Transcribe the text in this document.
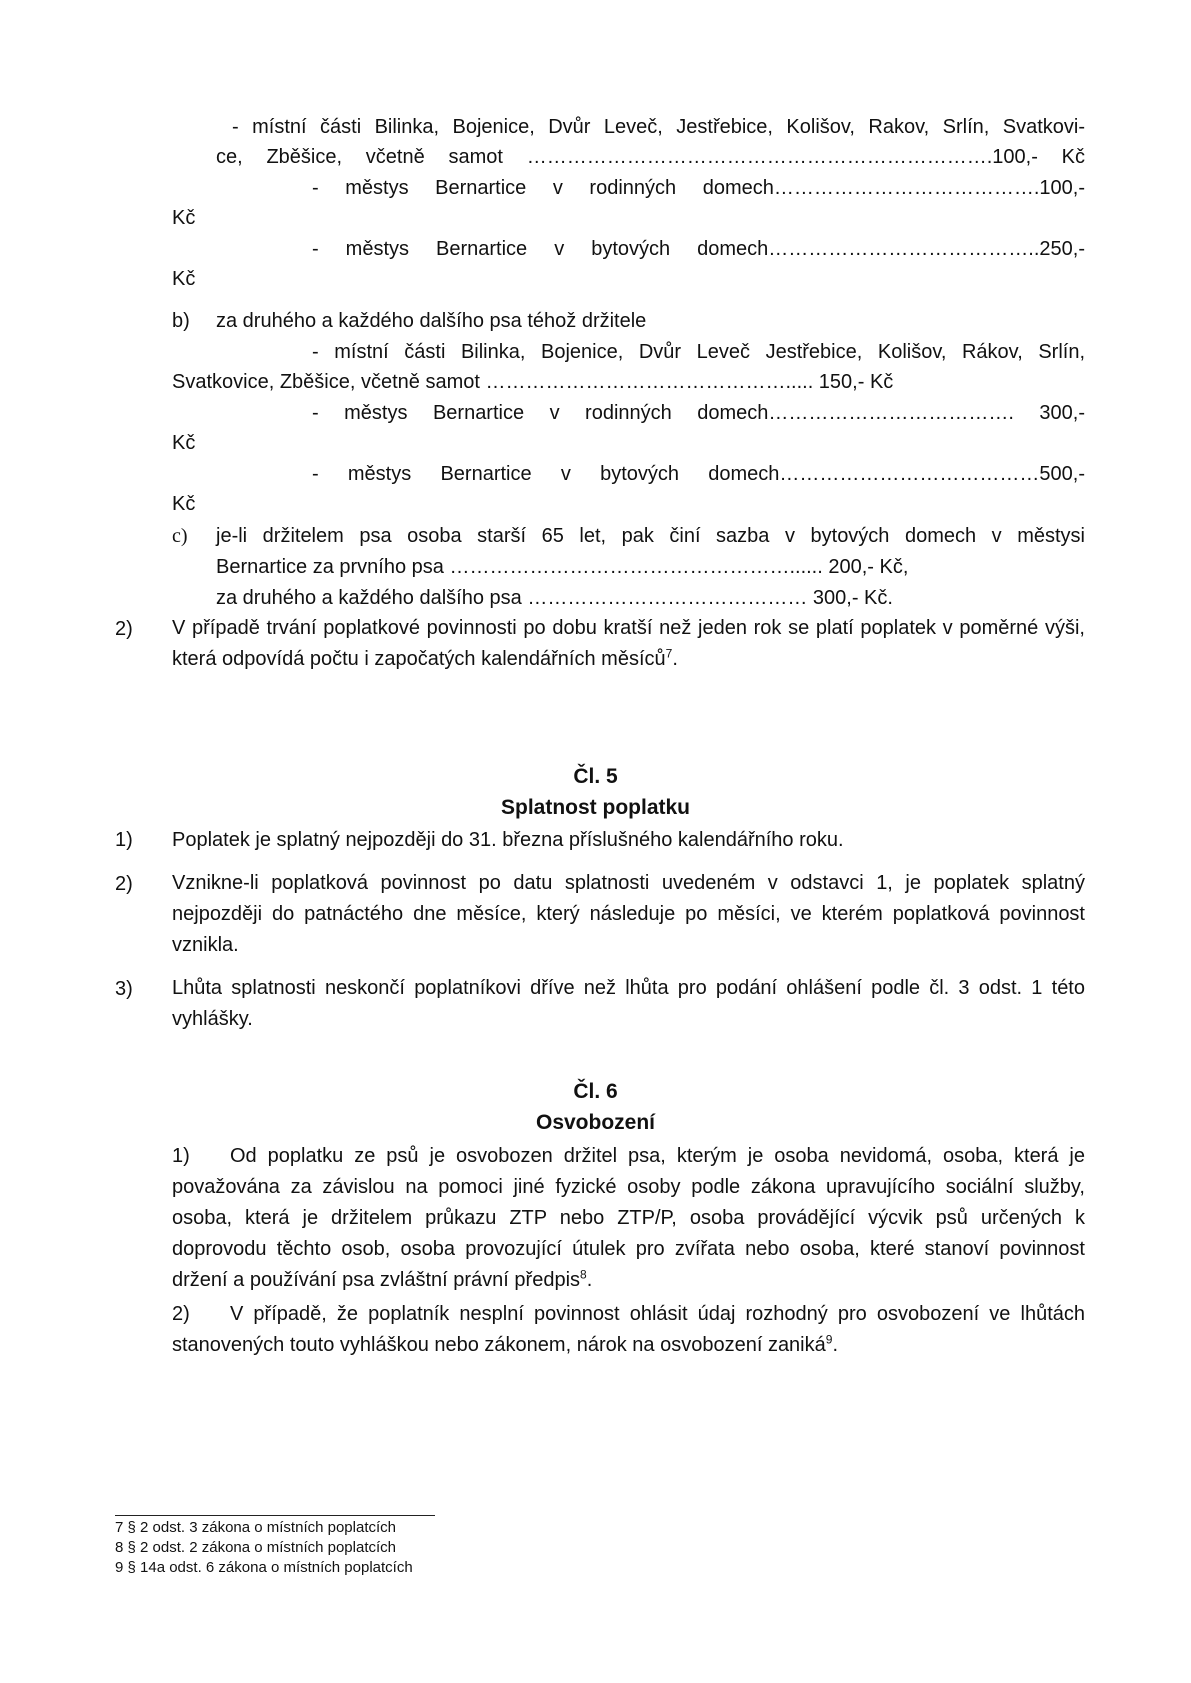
- místní části Bilinka, Bojenice, Dvůr Leveč, Jestřebice, Kolišov, Rakov, Srlín, Svatkovi-
ce, Zběšice, včetně samot …………………………………………………………….100,- Kč
- městys Bernartice v rodinných domech………………………………….100,-
Kč
- městys Bernartice v bytových domech…………………………………..250,-
Kč
b) za druhého a každého dalšího psa téhož držitele
- místní části Bilinka, Bojenice, Dvůr Leveč Jestřebice, Kolišov, Rákov, Srlín,
Svatkovice, Zběšice, včetně samot ………………………………………..... 150,- Kč
- městys Bernartice v rodinných domech………………………………. 300,-
Kč
- městys Bernartice v bytových domech…………………………………500,-
Kč
c) je-li držitelem psa osoba starší 65 let, pak činí sazba v bytových domech v městysi
Bernartice za prvního psa ……………………………………………...... 200,- Kč,
za druhého a každého dalšího psa …………………………………… 300,- Kč.
2) V případě trvání poplatkové povinnosti po dobu kratší než jeden rok se platí poplatek v poměrné výši, která odpovídá počtu i započatých kalendářních měsíců$^7$.
Čl. 5
Splatnost poplatku
1) Poplatek je splatný nejpozději do 31. března příslušného kalendářního roku.
2) Vznikne-li poplatková povinnost po datu splatnosti uvedeném v odstavci 1, je poplatek splatný nejpozději do patnáctého dne měsíce, který následuje po měsíci, ve kterém poplatková povinnost vznikla.
3) Lhůta splatnosti neskončí poplatníkovi dříve než lhůta pro podání ohlášení podle čl. 3 odst. 1 této vyhlášky.
Čl. 6
Osvobození
1) Od poplatku ze psů je osvobozen držitel psa, kterým je osoba nevidomá, osoba, která je považována za závislou na pomoci jiné fyzické osoby podle zákona upravujícího sociální služby, osoba, která je držitelem průkazu ZTP nebo ZTP/P, osoba provádějící výcvik psů určených k doprovodu těchto osob, osoba provozující útulek pro zvířata nebo osoba, které stanoví povinnost držení a používání psa zvláštní právní předpis$^8$.
2) V případě, že poplatník nesplní povinnost ohlásit údaj rozhodný pro osvobození ve lhůtách stanovených touto vyhláškou nebo zákonem, nárok na osvobození zaniká$^9$.
7 § 2 odst. 3 zákona o místních poplatcích
8 § 2 odst. 2 zákona o místních poplatcích
9 § 14a odst. 6 zákona o místních poplatcích
